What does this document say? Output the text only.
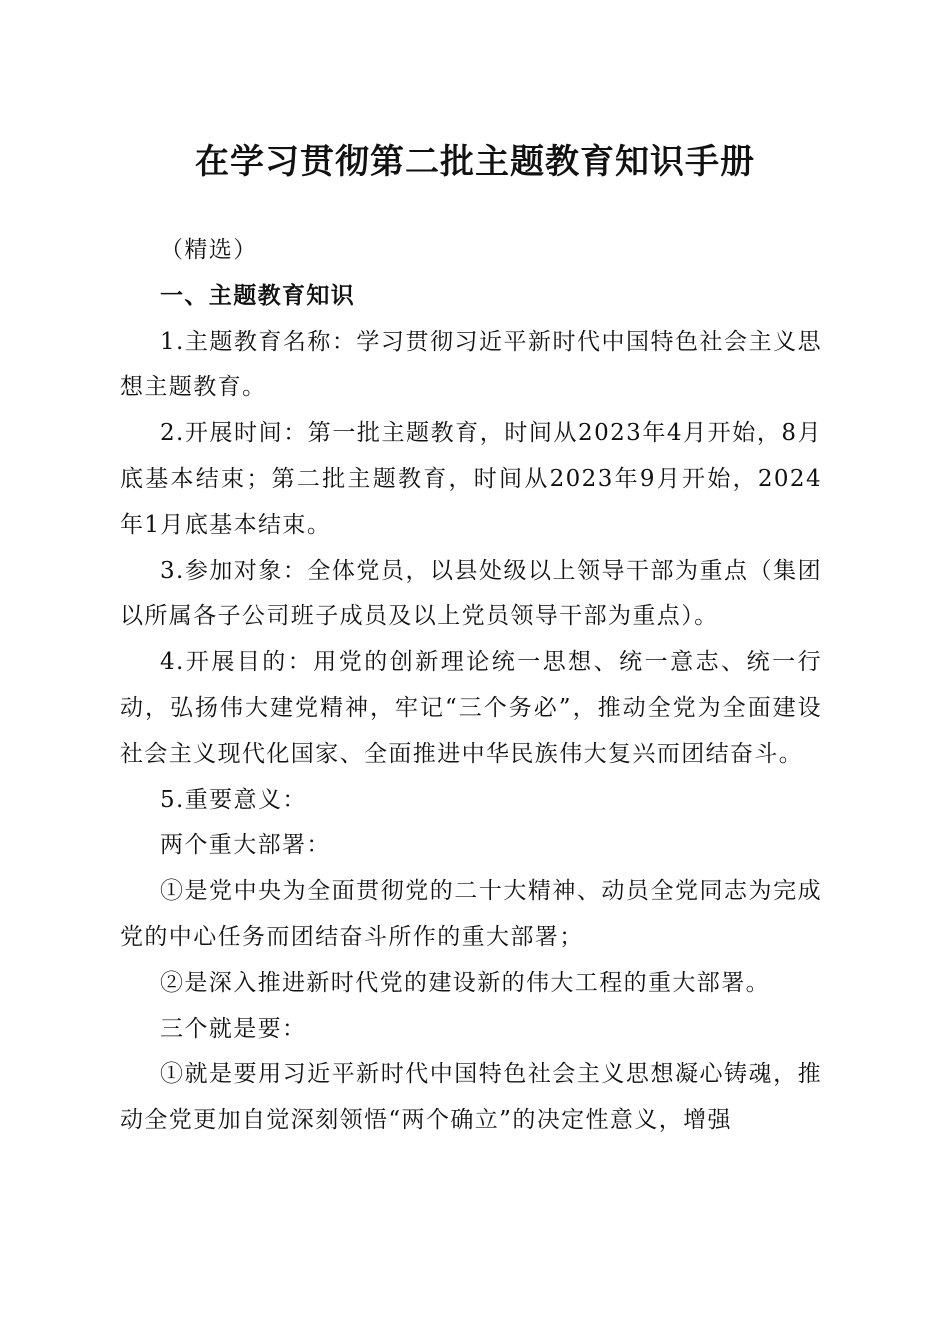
在学习贯彻第二批主题教育知识手册

（精选）

一、主题教育知识

1.主题教育名称：学习贯彻习近平新时代中国特色社会主义思想主题教育。

2.开展时间：第一批主题教育，时间从2023年4月开始，8月底基本结束；第二批主题教育，时间从2023年9月开始，2024年1月底基本结束。

3.参加对象：全体党员，以县处级以上领导干部为重点（集团以所属各子公司班子成员及以上党员领导干部为重点）。

4.开展目的：用党的创新理论统一思想、统一意志、统一行动，弘扬伟大建党精神，牢记“三个务必”，推动全党为全面建设社会主义现代化国家、全面推进中华民族伟大复兴而团结奋斗。

5.重要意义：

两个重大部署：

①是党中央为全面贯彻党的二十大精神、动员全党同志为完成党的中心任务而团结奋斗所作的重大部署；

②是深入推进新时代党的建设新的伟大工程的重大部署。

三个就是要：

①就是要用习近平新时代中国特色社会主义思想凝心铸魂，推动全党更加自觉深刻领悟“两个确立”的决定性意义，增强
